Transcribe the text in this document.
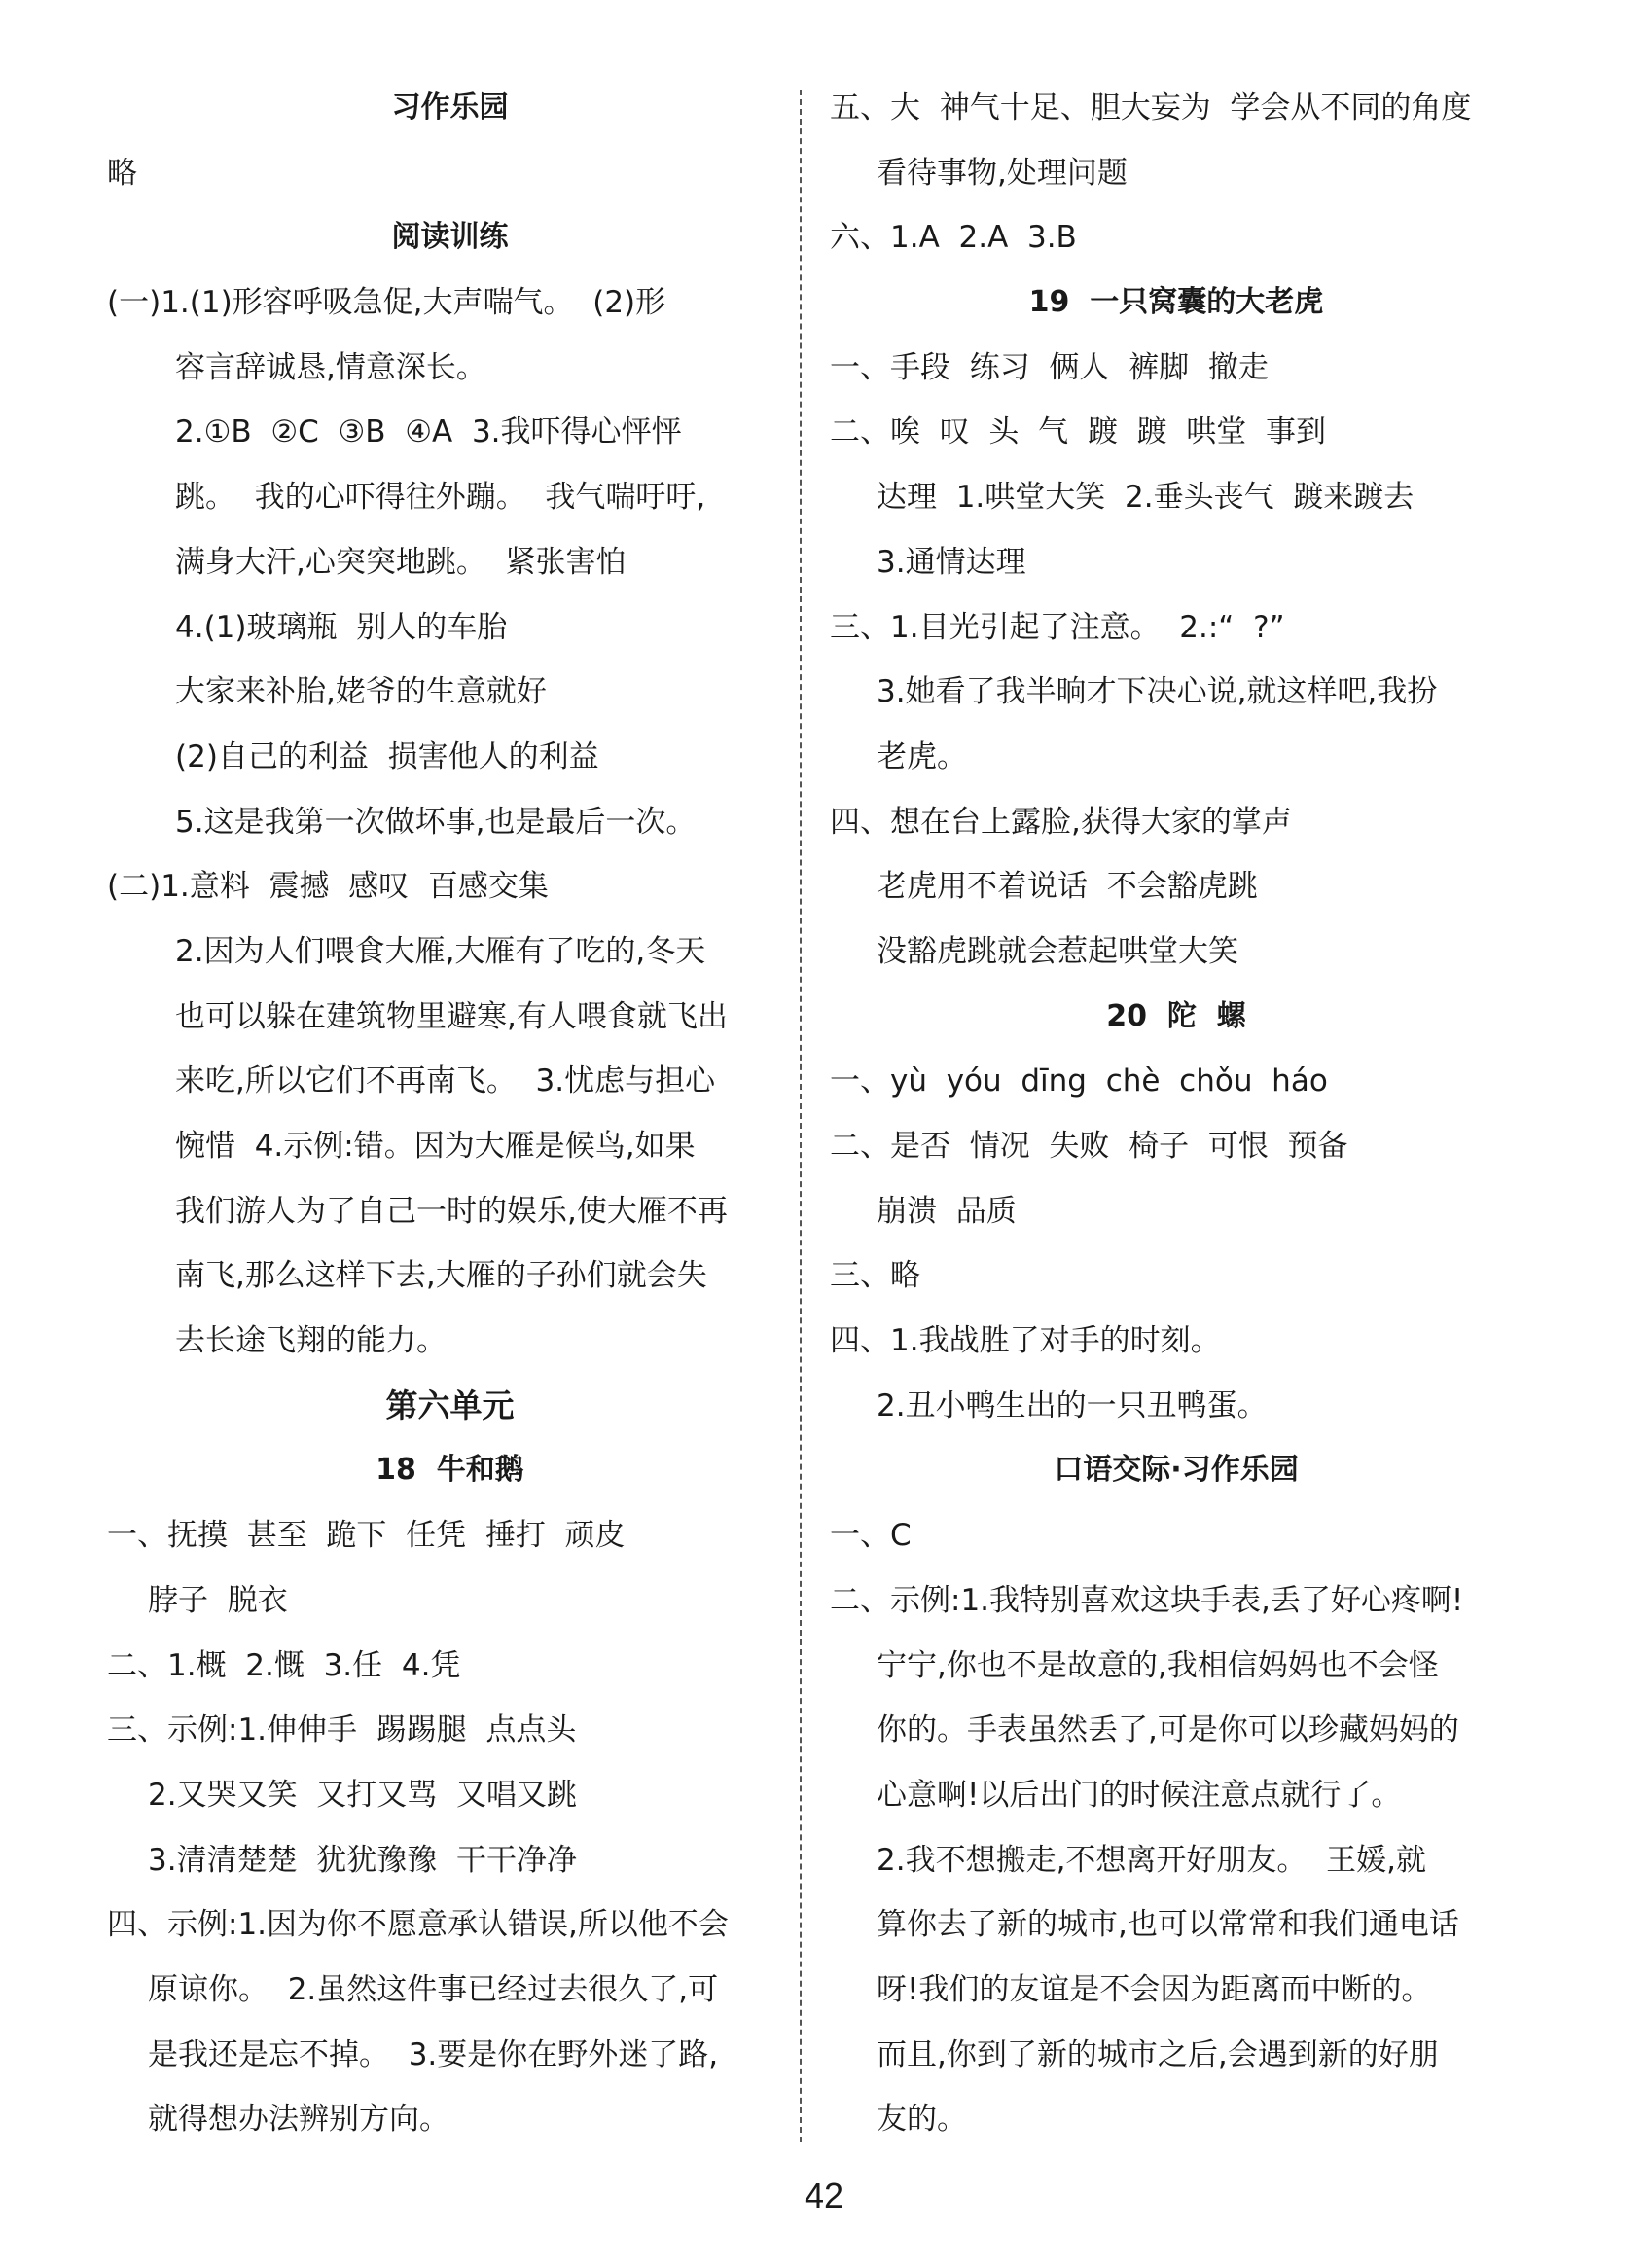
习作乐园
略
阅读训练
(一)1.(1)形容呼吸急促,大声喘气。  (2)形
容言辞诚恳,情意深长。
2.①B  ②C  ③B  ④A  3.我吓得心怦怦
跳。  我的心吓得往外蹦。  我气喘吁吁,
满身大汗,心突突地跳。  紧张害怕
4.(1)玻璃瓶  别人的车胎
大家来补胎,姥爷的生意就好
(2)自己的利益  损害他人的利益
5.这是我第一次做坏事,也是最后一次。
(二)1.意料  震撼  感叹  百感交集
2.因为人们喂食大雁,大雁有了吃的,冬天
也可以躲在建筑物里避寒,有人喂食就飞出
来吃,所以它们不再南飞。  3.忧虑与担心
惋惜  4.示例:错。因为大雁是候鸟,如果
我们游人为了自己一时的娱乐,使大雁不再
南飞,那么这样下去,大雁的子孙们就会失
去长途飞翔的能力。
第六单元
18  牛和鹅
一、抚摸  甚至  跪下  任凭  捶打  顽皮
脖子  脱衣
二、1.概  2.慨  3.任  4.凭
三、示例:1.伸伸手  踢踢腿  点点头
2.又哭又笑  又打又骂  又唱又跳
3.清清楚楚  犹犹豫豫  干干净净
四、示例:1.因为你不愿意承认错误,所以他不会
原谅你。  2.虽然这件事已经过去很久了,可
是我还是忘不掉。  3.要是你在野外迷了路,
就得想办法辨别方向。
五、大  神气十足、胆大妄为  学会从不同的角度
看待事物,处理问题
六、1.A  2.A  3.B
19  一只窝囊的大老虎
一、手段  练习  俩人  裤脚  撤走
二、唉  叹  头  气  踱  踱  哄堂  事到
达理  1.哄堂大笑  2.垂头丧气  踱来踱去
3.通情达理
三、1.目光引起了注意。  2.:“  ?”
3.她看了我半晌才下决心说,就这样吧,我扮
老虎。
四、想在台上露脸,获得大家的掌声
老虎用不着说话  不会豁虎跳
没豁虎跳就会惹起哄堂大笑
20  陀  螺
一、yù  yóu  dīng  chè  chǒu  háo
二、是否  情况  失败  椅子  可恨  预备
崩溃  品质
三、略
四、1.我战胜了对手的时刻。
2.丑小鸭生出的一只丑鸭蛋。
口语交际·习作乐园
一、C
二、示例:1.我特别喜欢这块手表,丢了好心疼啊!
宁宁,你也不是故意的,我相信妈妈也不会怪
你的。手表虽然丢了,可是你可以珍藏妈妈的
心意啊!以后出门的时候注意点就行了。
2.我不想搬走,不想离开好朋友。  王媛,就
算你去了新的城市,也可以常常和我们通电话
呀!我们的友谊是不会因为距离而中断的。
而且,你到了新的城市之后,会遇到新的好朋
友的。
42
